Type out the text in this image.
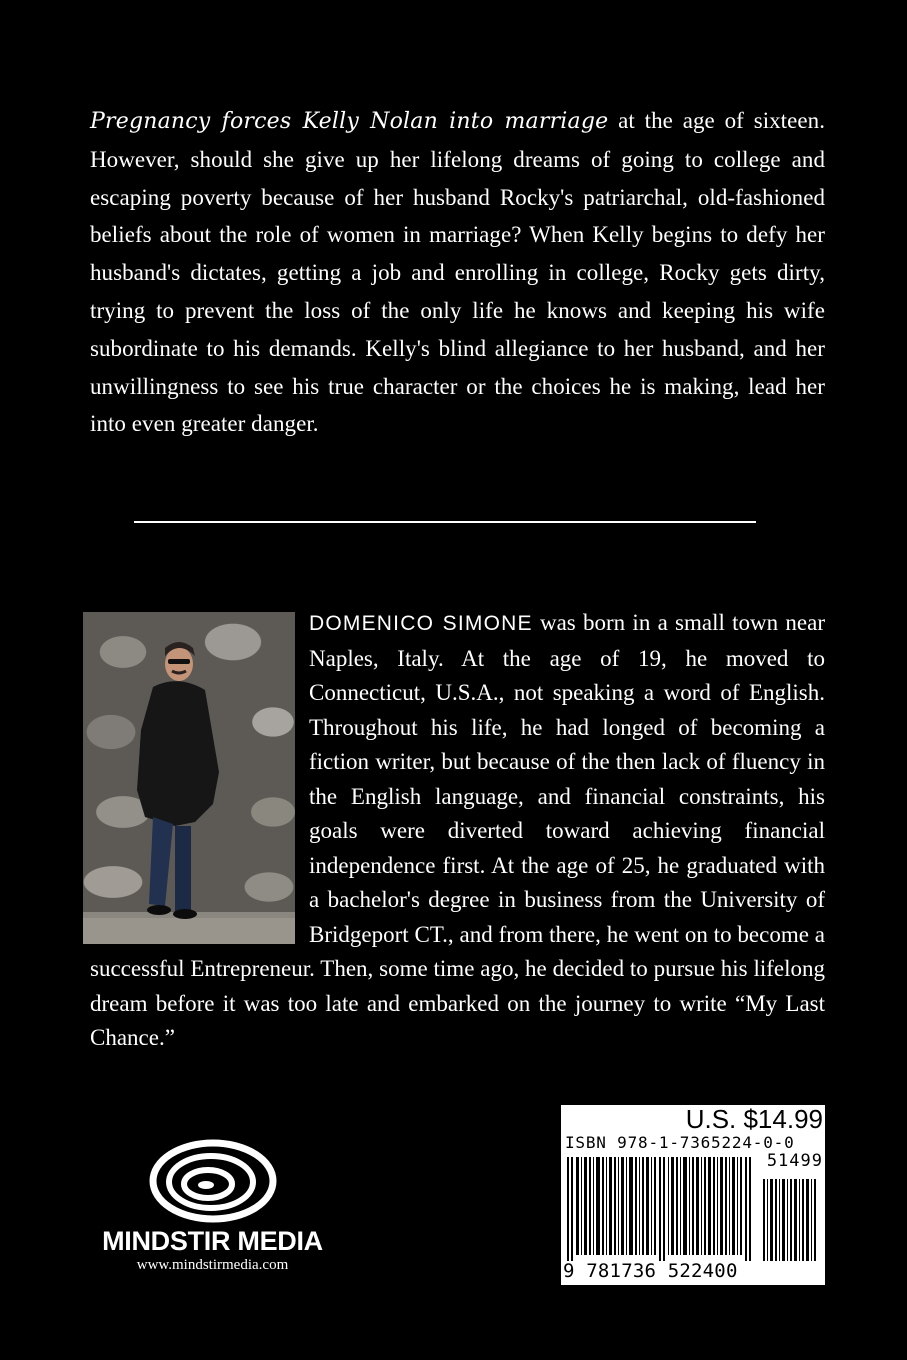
Pregnancy forces Kelly Nolan into marriage at the age of sixteen. However, should she give up her lifelong dreams of going to college and escaping poverty because of her husband Rocky's patriarchal, old-fashioned beliefs about the role of women in marriage? When Kelly begins to defy her husband's dictates, getting a job and enrolling in college, Rocky gets dirty, trying to prevent the loss of the only life he knows and keeping his wife subordinate to his demands. Kelly's blind allegiance to her husband, and her unwillingness to see his true character or the choices he is making, lead her into even greater danger.
DOMENICO SIMONE was born in a small town near Naples, Italy. At the age of 19, he moved to Connecticut, U.S.A., not speaking a word of English. Throughout his life, he had longed of becoming a fiction writer, but because of the then lack of fluency in the English language, and financial constraints, his goals were diverted toward achieving financial independence first. At the age of 25, he graduated with a bachelor's degree in business from the University of Bridgeport CT., and from there, he went on to become a successful Entrepreneur. Then, some time ago, he decided to pursue his lifelong dream before it was too late and embarked on the journey to write “My Last Chance.”
MINDSTIR MEDIA
www.mindstirmedia.com
U.S. $14.99
ISBN 978-1-7365224-0-0
51499
9 781736 522400
